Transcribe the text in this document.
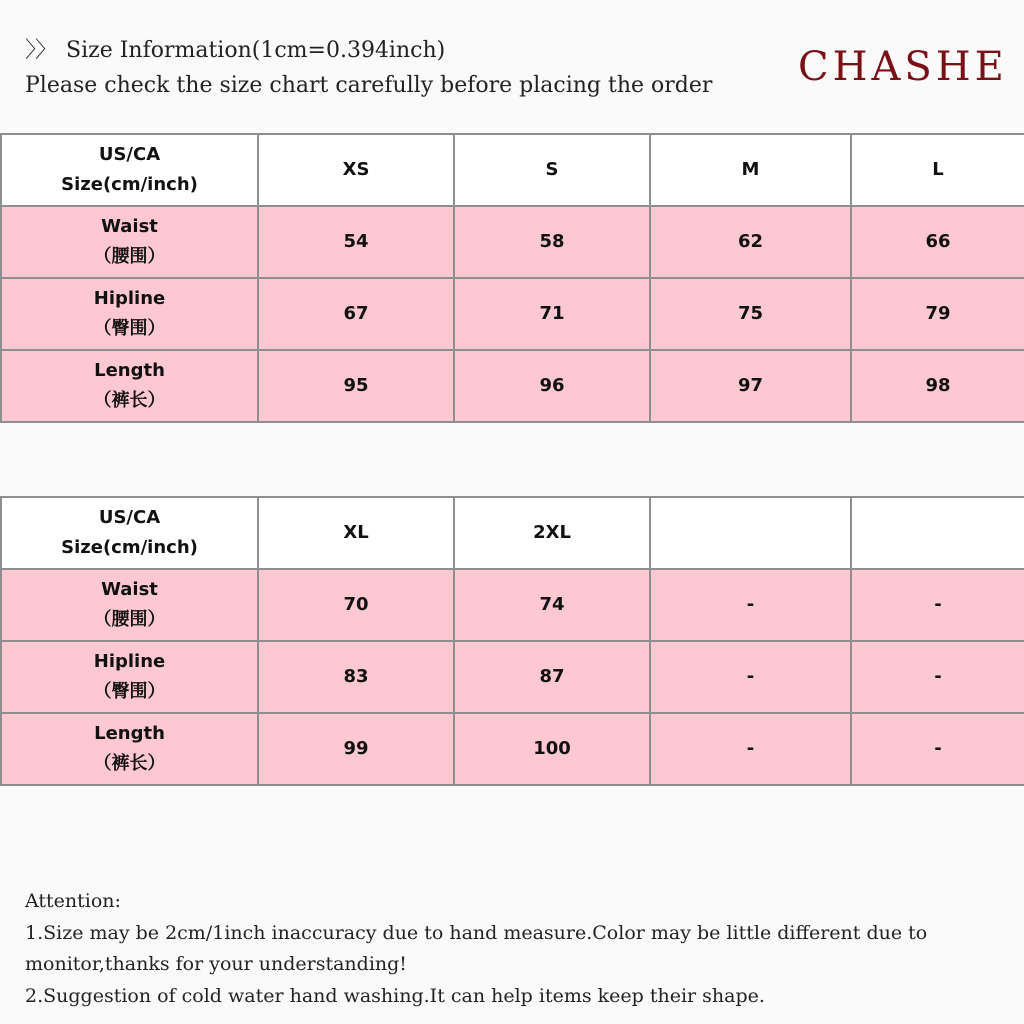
〉〉 Size Information(1cm=0.394inch)
Please check the size chart carefully before placing the order	CHASHE
US/CA
Size(cm/inch)	XS	S	M	L

Waist
（腰围）	54	58	62	66

Hipline
（臀围）	67	71	75	79

Length
（裤长）	95	96	97	98
US/CA
Size(cm/inch)	XL	2XL		

Waist
（腰围）	70	74	-	-

Hipline
（臀围）	83	87	-	-

Length
（裤长）	99	100	-	-
Attention:
1.Size may be 2cm/1inch inaccuracy due to hand measure.Color may be little different due to monitor,thanks for your understanding!
2.Suggestion of cold water hand washing.It can help items keep their shape.
